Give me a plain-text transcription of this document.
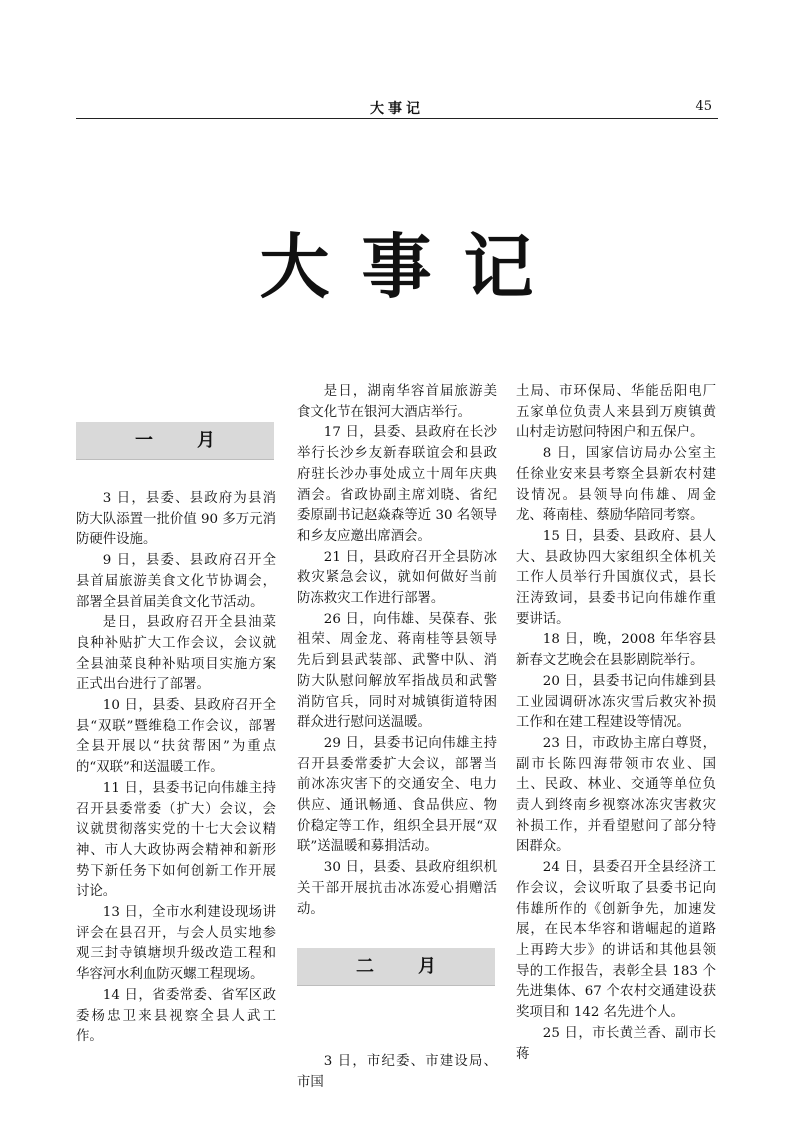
大事记	45
大事记
一月

3 日，县委、县政府为县消防大队添置一批价值 90 多万元消防硬件设施。

9 日，县委、县政府召开全县首届旅游美食文化节协调会，部署全县首届美食文化节活动。

是日，县政府召开全县油菜良种补贴扩大工作会议，会议就全县油菜良种补贴项目实施方案正式出台进行了部署。

10 日，县委、县政府召开全县“双联”暨维稳工作会议，部署全县开展以“扶贫帮困”为重点的“双联”和送温暖工作。

11 日，县委书记向伟雄主持召开县委常委（扩大）会议，会议就贯彻落实党的十七大会议精神、市人大政协两会精神和新形势下新任务下如何创新工作开展讨论。

13 日，全市水利建设现场讲评会在县召开，与会人员实地参观三封寺镇塘坝升级改造工程和华容河水利血防灭螺工程现场。

14 日，省委常委、省军区政委杨忠卫来县视察全县人武工作。

是日，湖南华容首届旅游美食文化节在银河大酒店举行。

17 日，县委、县政府在长沙举行长沙乡友新春联谊会和县政府驻长沙办事处成立十周年庆典酒会。省政协副主席刘晓、省纪委原副书记赵焱森等近 30 名领导和乡友应邀出席酒会。

21 日，县政府召开全县防冰救灾紧急会议，就如何做好当前防冻救灾工作进行部署。

26 日，向伟雄、吴葆春、张祖荣、周金龙、蒋南桂等县领导先后到县武装部、武警中队、消防大队慰问解放军指战员和武警消防官兵，同时对城镇街道特困群众进行慰问送温暖。

29 日，县委书记向伟雄主持召开县委常委扩大会议，部署当前冰冻灾害下的交通安全、电力供应、通讯畅通、食品供应、物价稳定等工作，组织全县开展“双联”送温暖和募捐活动。

30 日，县委、县政府组织机关干部开展抗击冰冻爱心捐赠活动。

3 日，市纪委、市建设局、市国

二月

土局、市环保局、华能岳阳电厂五家单位负责人来县到万庾镇黄山村走访慰问特困户和五保户。

8 日，国家信访局办公室主任徐业安来县考察全县新农村建设情况。县领导向伟雄、周金龙、蒋南桂、蔡励华陪同考察。

15 日，县委、县政府、县人大、县政协四大家组织全体机关工作人员举行升国旗仪式，县长汪涛致词，县委书记向伟雄作重要讲话。

18 日，晚，2008 年华容县新春文艺晚会在县影剧院举行。

20 日，县委书记向伟雄到县工业园调研冰冻灾雪后救灾补损工作和在建工程建设等情况。

23 日，市政协主席白尊贤，副市长陈四海带领市农业、国土、民政、林业、交通等单位负责人到终南乡视察冰冻灾害救灾补损工作，并看望慰问了部分特困群众。

24 日，县委召开全县经济工作会议，会议听取了县委书记向伟雄所作的《创新争先，加速发展，在民本华容和谐崛起的道路上再跨大步》的讲话和其他县领导的工作报告，表彰全县 183 个先进集体、67 个农村交通建设获奖项目和 142 名先进个人。

25 日，市长黄兰香、副市长蒋
